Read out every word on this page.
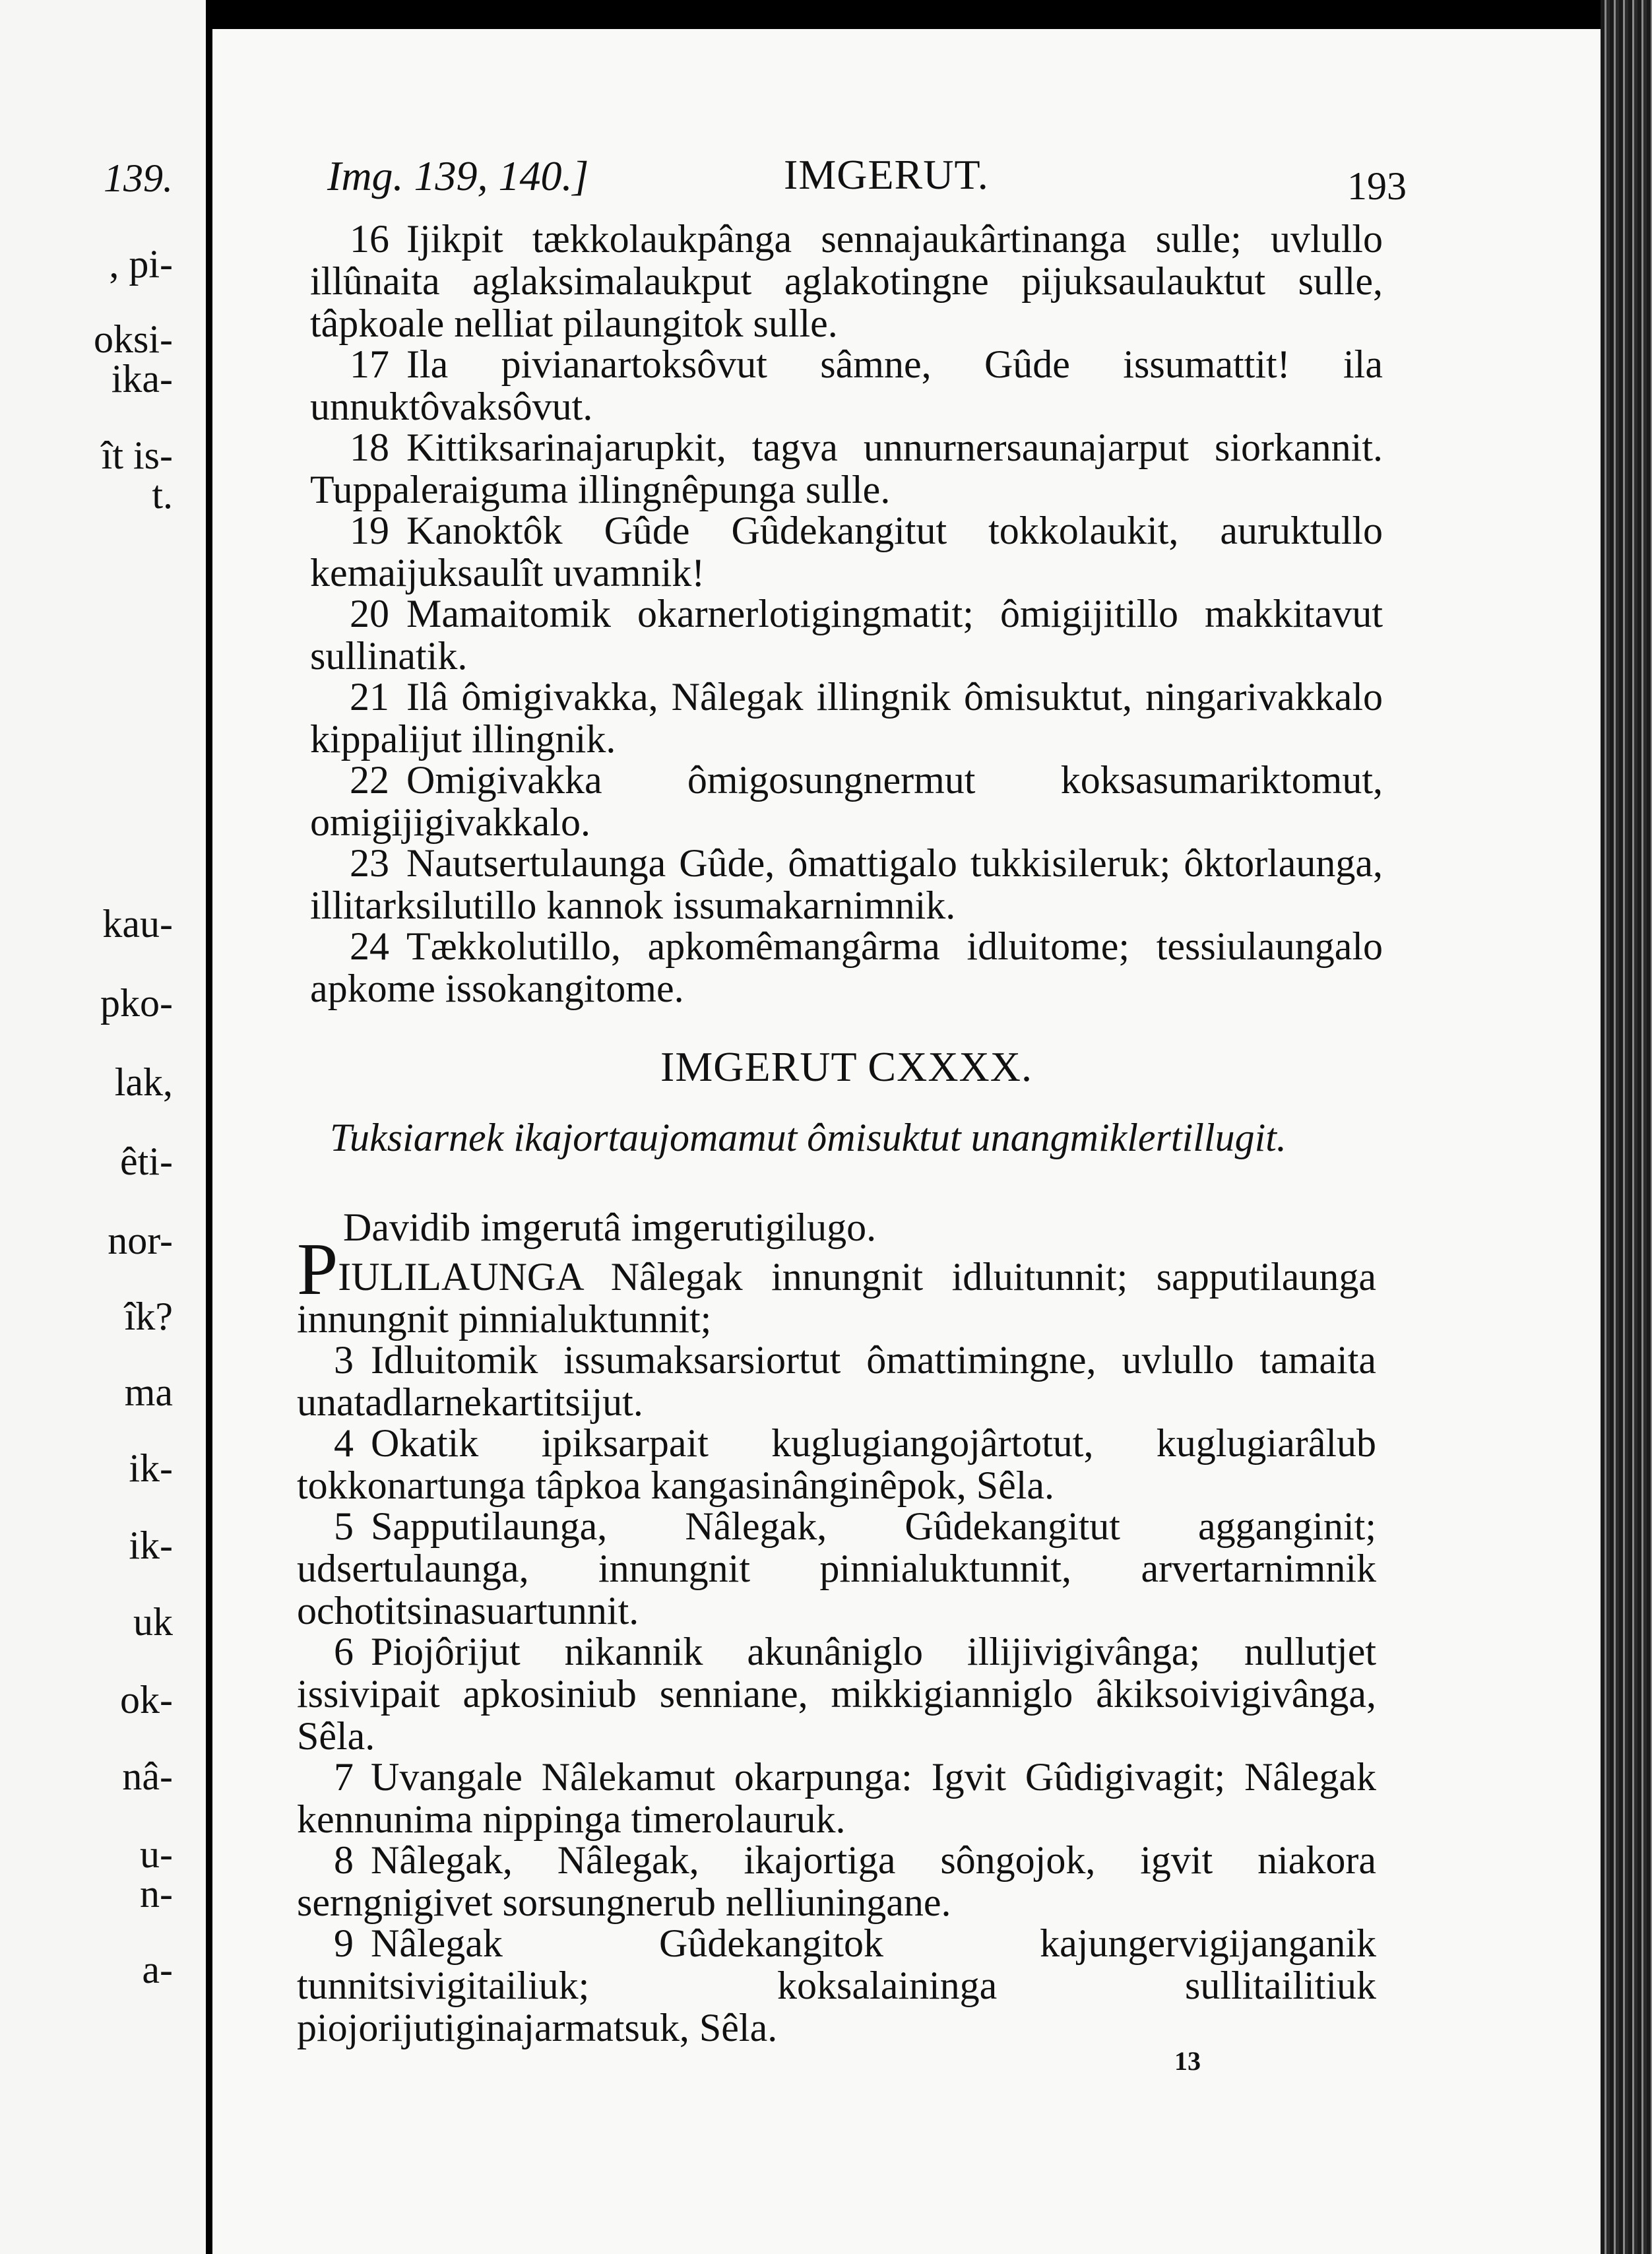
139.
, pi-
oksi-
ika-
ît is-
t.
kau-
pko-
lak,
êti-
nor-
îk?
ma
ik-
ik-
uk
ok-
nâ-
u-
n-
a-
Img. 139, 140.]	IMGERUT.	193

16 Ijikpit tækkolaukpânga sennajaukârtinanga sulle; uvlullo illûnaita aglaksimalaukput aglakotingne pijuksaulauktut sulle, tâpkoale nelliat pilaungitok sulle.

17 Ila pivianartoksôvut sâmne, Gûde issumattit! ila unnuktôvaksôvut.

18 Kittiksarinajarupkit, tagva unnurnersaunajarput siorkannit. Tuppaleraiguma illingnêpunga sulle.

19 Kanoktôk Gûde Gûdekangitut tokkolaukit, auruktullo kemaijuksaulît uvamnik!

20 Mamaitomik okarnerlotigingmatit; ômigijitillo makkitavut sullinatik.

21 Ilâ ômigivakka, Nâlegak illingnik ômisuktut, ningarivakkalo kippalijut illingnik.

22 Omigivakka ômigosungnermut koksasumariktomut, omigijigivakkalo.

23 Nautsertulaunga Gûde, ômattigalo tukkisileruk; ôktorlaunga, illitarksilutillo kannok issumakarnimnik.

24 Tækkolutillo, apkomêmangârma idluitome; tessiulaungalo apkome issokangitome.

IMGERUT CXXXX.
Tuksiarnek ikajortaujomamut ômisuktut unangmiklertillugit.
Davidib imgerutâ imgerutigilugo.

PIULILAUNGA Nâlegak innungnit idluitunnit; sapputilaunga innungnit pinnialuktunnit;

3 Idluitomik issumaksarsiortut ômattimingne, uvlullo tamaita unatadlarnekartitsijut.

4 Okatik ipiksarpait kuglugiangojârtotut, kuglugiarâlub tokkonartunga tâpkoa kangasinânginêpok, Sêla.

5 Sapputilaunga, Nâlegak, Gûdekangitut agganginit; udsertulaunga, innungnit pinnialuktunnit, arvertarnimnik ochotitsinasuartunnit.

6 Piojôrijut nikannik akunâniglo illijivigivânga; nullutjet issivipait apkosiniub senniane, mikkigianniglo âkiksoivigivânga, Sêla.

7 Uvangale Nâlekamut okarpunga: Igvit Gûdigivagit; Nâlegak kennunima nippinga timerolauruk.

8 Nâlegak, Nâlegak, ikajortiga sôngojok, igvit niakora serngnigivet sorsungnerub nelliuningane.

9 Nâlegak Gûdekangitok kajungervigijanganik tunnitsivigitailiuk; koksalaininga sullitailitiuk piojorijutiginajarmatsuk, Sêla.

13
